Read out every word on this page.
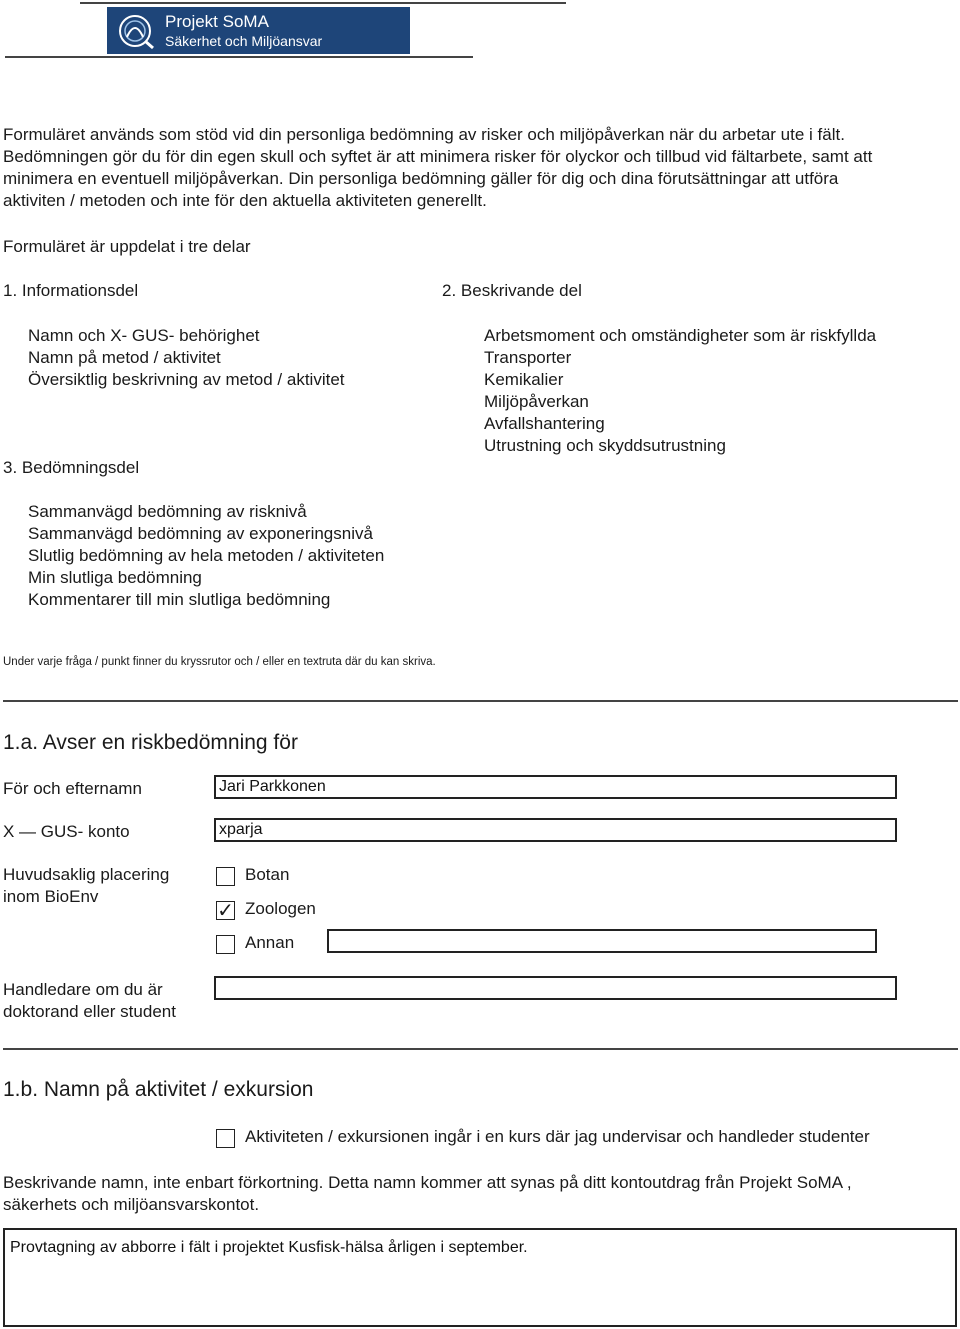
Projekt SoMA
Säkerhet och Miljöansvar
Formuläret används som stöd vid din personliga bedömning av risker och miljöpåverkan när du arbetar ute i fält.
Bedömningen gör du för din egen skull och syftet är att minimera risker för olyckor och tillbud vid fältarbete, samt att
minimera en eventuell miljöpåverkan. Din personliga bedömning gäller för dig och dina förutsättningar att utföra
aktiviten / metoden och inte för den aktuella aktiviteten generellt.
Formuläret är uppdelat i tre delar
1. Informationsdel
Namn och X- GUS- behörighet
Namn på metod / aktivitet
Översiktlig beskrivning av metod / aktivitet
2. Beskrivande del
Arbetsmoment och omständigheter som är riskfyllda
Transporter
Kemikalier
Miljöpåverkan
Avfallshantering
Utrustning och skyddsutrustning
3. Bedömningsdel
Sammanvägd bedömning av risknivå
Sammanvägd bedömning av exponeringsnivå
Slutlig bedömning av hela metoden / aktiviteten
Min slutliga bedömning
Kommentarer till min slutliga bedömning
Under varje fråga / punkt finner du kryssrutor och / eller en textruta där du kan skriva.
1.a. Avser en riskbedömning för
För och efternamn	Jari Parkkonen
X — GUS- konto	xparja
Huvudsaklig placering
inom BioEnv
Botan
✓ Zoologen
Annan
Handledare om du är
doktorand eller student
1.b. Namn på aktivitet / exkursion
Aktiviteten / exkursionen ingår i en kurs där jag undervisar och handleder studenter
Beskrivande namn, inte enbart förkortning. Detta namn kommer att synas på ditt kontoutdrag från Projekt SoMA ,
säkerhets och miljöansvarskontot.
Provtagning av abborre i fält i projektet Kusfisk-hälsa årligen i september.
